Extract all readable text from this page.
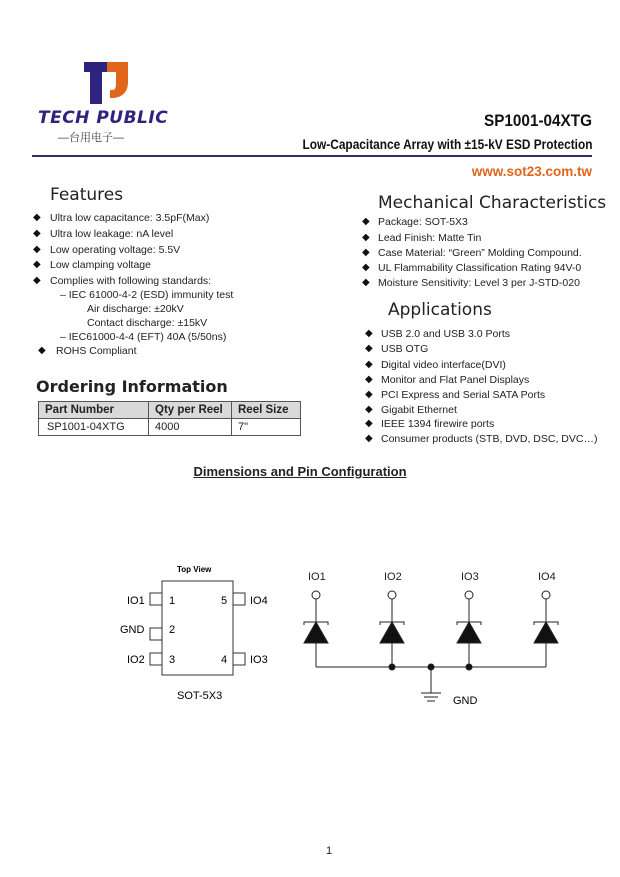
TECH PUBLIC
—台用电子—
SP1001-04XTG
Low-Capacitance Array with ±15-kV ESD Protection
www.sot23.com.tw
Features
◆ Ultra low capacitance: 3.5pF(Max)
◆ Ultra low leakage: nA level
◆ Low operating voltage: 5.5V
◆ Low clamping voltage
◆ Complies with following standards:
– IEC 61000-4-2 (ESD) immunity test
Air discharge: ±20kV
Contact discharge: ±15kV
– IEC61000-4-4 (EFT) 40A (5/50ns)
◆ ROHS Compliant
Ordering Information
Part Number	Qty per Reel	Reel Size
SP1001-04XTG	4000	7"
Mechanical Characteristics
◆ Package: SOT-5X3
◆ Lead Finish: Matte Tin
◆ Case Material: “Green” Molding Compound.
◆ UL Flammability Classification Rating 94V-0
◆ Moisture Sensitivity: Level 3 per J-STD-020
Applications
◆ USB 2.0 and USB 3.0 Ports
◆ USB OTG
◆ Digital video interface(DVI)
◆ Monitor and Flat Panel Displays
◆ PCI Express and Serial SATA Ports
◆ Gigabit Ethernet
◆ IEEE 1394 firewire ports
◆ Consumer products (STB, DVD, DSC, DVC…)
Dimensions and Pin Configuration
Top View
IO1 1
GND 2
IO2 3	4 IO3
5 IO4
SOT-5X3
IO1	IO2	IO3	IO4
GND
1
